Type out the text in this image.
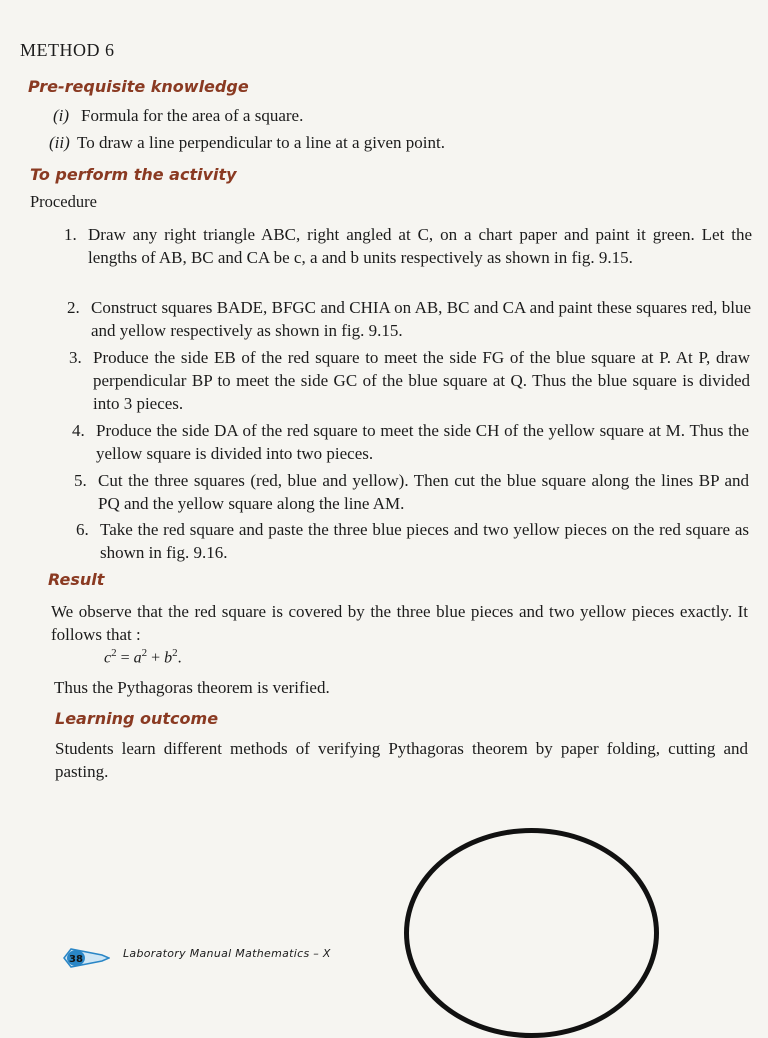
METHOD 6
Pre-requisite knowledge
(i) Formula for the area of a square.
(ii) To draw a line perpendicular to a line at a given point.
To perform the activity
Procedure
1. Draw any right triangle ABC, right angled at C, on a chart paper and paint it green. Let the lengths of AB, BC and CA be c, a and b units respectively as shown in fig. 9.15.
2. Construct squares BADE, BFGC and CHIA on AB, BC and CA and paint these squares red, blue and yellow respectively as shown in fig. 9.15.
3. Produce the side EB of the red square to meet the side FG of the blue square at P. At P, draw perpendicular BP to meet the side GC of the blue square at Q. Thus the blue square is divided into 3 pieces.
4. Produce the side DA of the red square to meet the side CH of the yellow square at M. Thus the yellow square is divided into two pieces.
5. Cut the three squares (red, blue and yellow). Then cut the blue square along the lines BP and PQ and the yellow square along the line AM.
6. Take the red square and paste the three blue pieces and two yellow pieces on the red square as shown in fig. 9.16.
Result
We observe that the red square is covered by the three blue pieces and two yellow pieces exactly. It follows that :
$c^2 = a^2 + b^2$.
Thus the Pythagoras theorem is verified.
Learning outcome
Students learn different methods of verifying Pythagoras theorem by paper folding, cutting and pasting.
38	Laboratory Manual Mathematics – X
